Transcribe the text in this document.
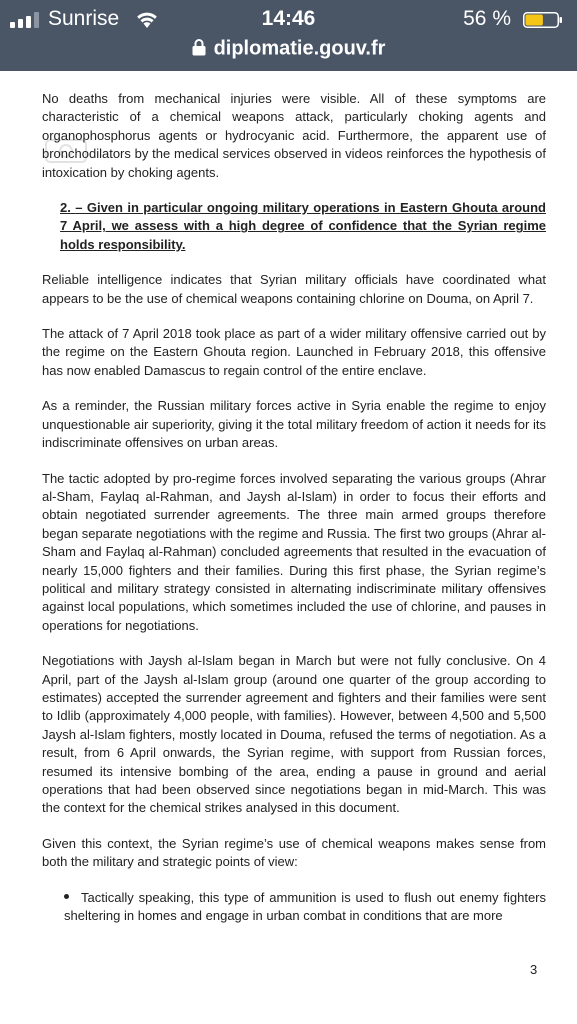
Sunrise	14:46	56 %
diplomatie.gouv.fr

No deaths from mechanical injuries were visible. All of these symptoms are characteristic of a chemical weapons attack, particularly choking agents and organophosphorus agents or hydrocyanic acid. Furthermore, the apparent use of bronchodilators by the medical services observed in videos reinforces the hypothesis of intoxication by choking agents.

2. – Given in particular ongoing military operations in Eastern Ghouta around 7 April, we assess with a high degree of confidence that the Syrian regime holds responsibility.

Reliable intelligence indicates that Syrian military officials have coordinated what appears to be the use of chemical weapons containing chlorine on Douma, on April 7.

The attack of 7 April 2018 took place as part of a wider military offensive carried out by the regime on the Eastern Ghouta region. Launched in February 2018, this offensive has now enabled Damascus to regain control of the entire enclave.

As a reminder, the Russian military forces active in Syria enable the regime to enjoy unquestionable air superiority, giving it the total military freedom of action it needs for its indiscriminate offensives on urban areas.

The tactic adopted by pro-regime forces involved separating the various groups (Ahrar al-Sham, Faylaq al-Rahman, and Jaysh al-Islam) in order to focus their efforts and obtain negotiated surrender agreements. The three main armed groups therefore began separate negotiations with the regime and Russia. The first two groups (Ahrar al-Sham and Faylaq al-Rahman) concluded agreements that resulted in the evacuation of nearly 15,000 fighters and their families. During this first phase, the Syrian regime’s political and military strategy consisted in alternating indiscriminate military offensives against local populations, which sometimes included the use of chlorine, and pauses in operations for negotiations.

Negotiations with Jaysh al-Islam began in March but were not fully conclusive. On 4 April, part of the Jaysh al-Islam group (around one quarter of the group according to estimates) accepted the surrender agreement and fighters and their families were sent to Idlib (approximately 4,000 people, with families). However, between 4,500 and 5,500 Jaysh al-Islam fighters, mostly located in Douma, refused the terms of negotiation. As a result, from 6 April onwards, the Syrian regime, with support from Russian forces, resumed its intensive bombing of the area, ending a pause in ground and aerial operations that had been observed since negotiations began in mid-March. This was the context for the chemical strikes analysed in this document.

Given this context, the Syrian regime’s use of chemical weapons makes sense from both the military and strategic points of view:

Tactically speaking, this type of ammunition is used to flush out enemy fighters sheltering in homes and engage in urban combat in conditions that are more

3
